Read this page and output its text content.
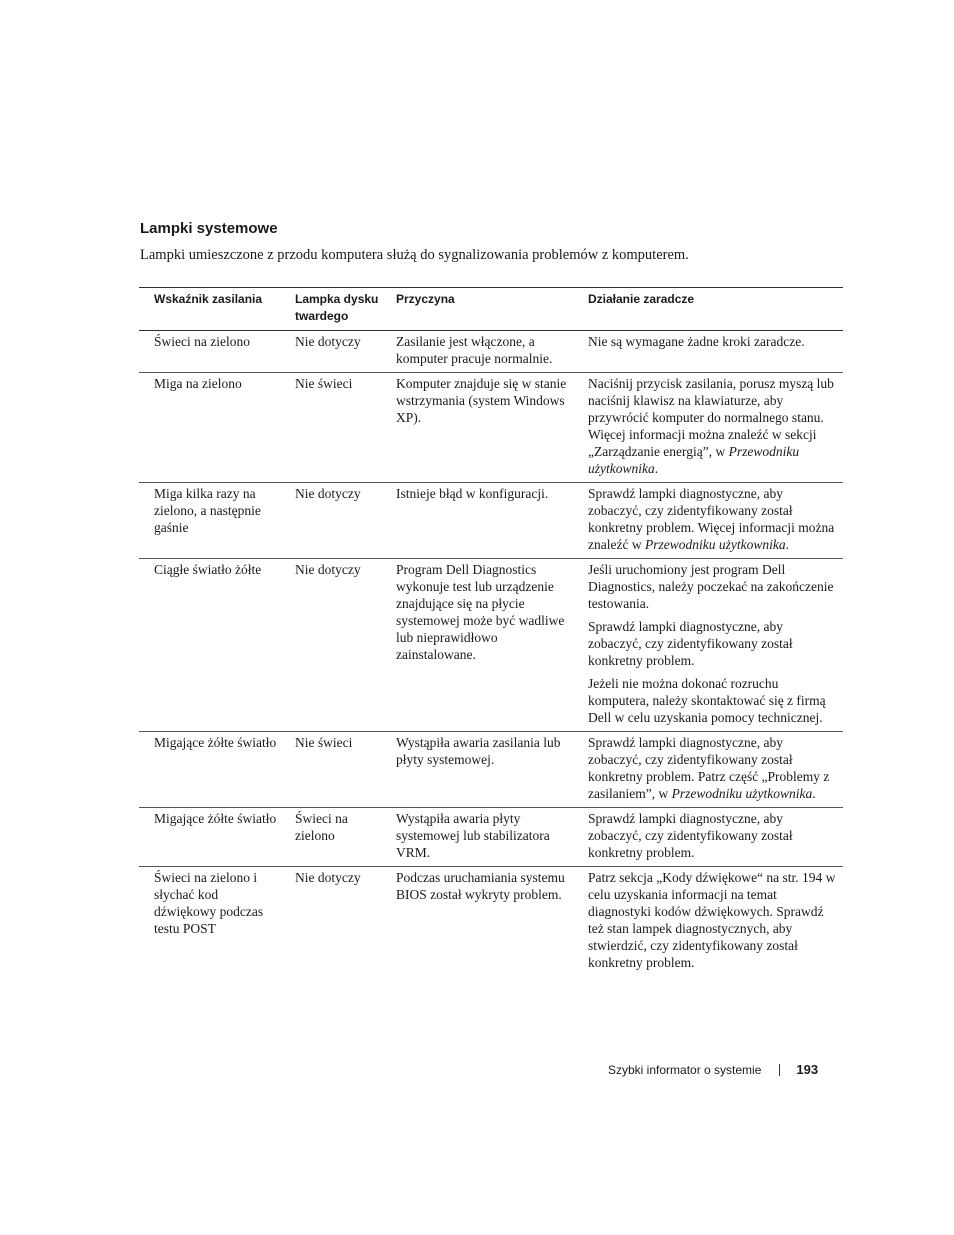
Lampki systemowe

Lampki umieszczone z przodu komputera służą do sygnalizowania problemów z komputerem.

Wskaźnik zasilania	Lampka dysku twardego	Przyczyna	Działanie zaradcze
Świeci na zielono	Nie dotyczy	Zasilanie jest włączone, a komputer pracuje normalnie.	Nie są wymagane żadne kroki zaradcze.

Miga na zielono	Nie świeci	Komputer znajduje się w stanie wstrzymania (system Windows XP).	Naciśnij przycisk zasilania, porusz myszą lub naciśnij klawisz na klawiaturze, aby przywrócić komputer do normalnego stanu. Więcej informacji można znaleźć w sekcji „Zarządzanie energią”, w Przewodniku użytkownika.

Miga kilka razy na zielono, a następnie gaśnie	Nie dotyczy	Istnieje błąd w konfiguracji.	Sprawdź lampki diagnostyczne, aby zobaczyć, czy zidentyfikowany został konkretny problem. Więcej informacji można znaleźć w Przewodniku użytkownika.

Ciągłe światło żółte	Nie dotyczy	Program Dell Diagnostics wykonuje test lub urządzenie znajdujące się na płycie systemowej może być wadliwe lub nieprawidłowo zainstalowane.	Jeśli uruchomiony jest program Dell Diagnostics, należy poczekać na zakończenie testowania.

Sprawdź lampki diagnostyczne, aby zobaczyć, czy zidentyfikowany został konkretny problem.

Jeżeli nie można dokonać rozruchu komputera, należy skontaktować się z firmą Dell w celu uzyskania pomocy technicznej.

Migające żółte światło	Nie świeci	Wystąpiła awaria zasilania lub płyty systemowej.	Sprawdź lampki diagnostyczne, aby zobaczyć, czy zidentyfikowany został konkretny problem. Patrz część „Problemy z zasilaniem”, w Przewodniku użytkownika.

Migające żółte światło	Świeci na zielono	Wystąpiła awaria płyty systemowej lub stabilizatora VRM.	Sprawdź lampki diagnostyczne, aby zobaczyć, czy zidentyfikowany został konkretny problem.

Świeci na zielono i słychać kod dźwiękowy podczas testu POST	Nie dotyczy	Podczas uruchamiania systemu BIOS został wykryty problem.	Patrz sekcja „Kody dźwiękowe“ na str. 194 w celu uzyskania informacji na temat diagnostyki kodów dźwiękowych. Sprawdź też stan lampek diagnostycznych, aby stwierdzić, czy zidentyfikowany został konkretny problem.

Szybki informator o systemie	193
